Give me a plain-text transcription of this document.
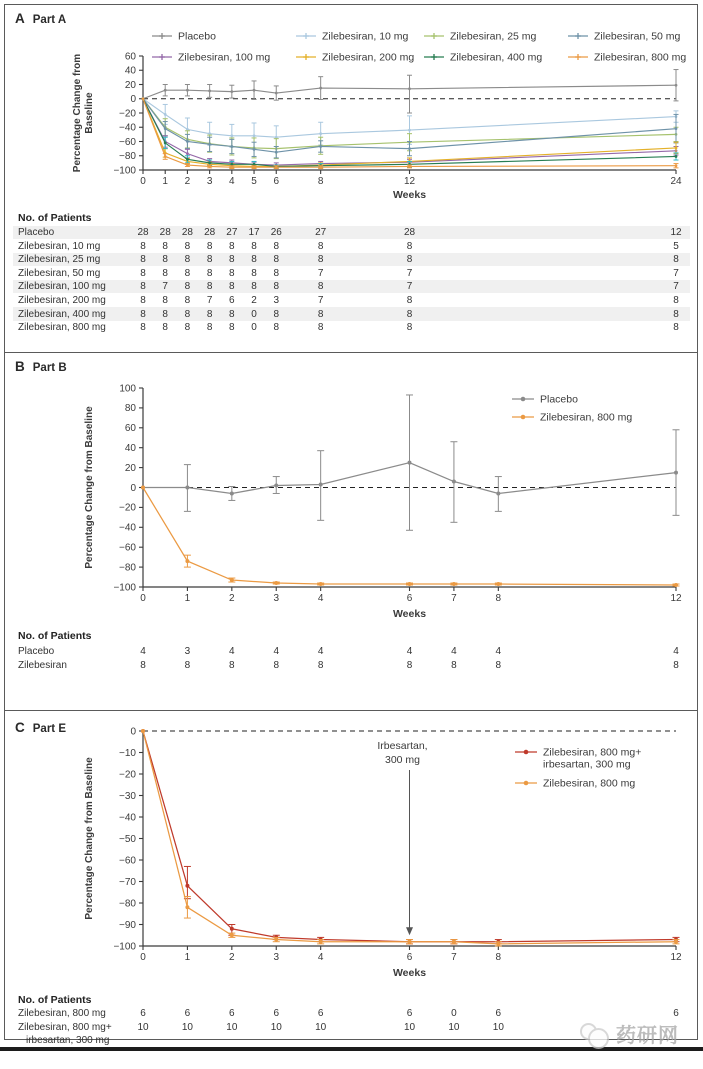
A Part A
B Part B
C Part E
60
40
20
0
−20
−40
−60
−80
−100
0 1 2 3 4 5 6	8	12	24
Weeks
Percentage Change from Baseline
Placebo	Zilebesiran, 10 mg	Zilebesiran, 25 mg	Zilebesiran, 50 mg
Zilebesiran, 100 mg	Zilebesiran, 200 mg	Zilebesiran, 400 mg	Zilebesiran, 800 mg
100
80
60
40
20
0
−20
−40
−60
−80
−100
0	1	2	3	4	6	7	8	12
Weeks
Percentage Change from Baseline
Placebo
Zilebesiran, 800 mg
0
−10
−20
−30
−40
−50
−60
−70
−80
−90
−100
0	1	2	3	4	6	7	8	12
Weeks
Percentage Change from Baseline
Irbesartan,
300 mg
Zilebesiran, 800 mg+
irbesartan, 300 mg
Zilebesiran, 800 mg
No. of Patients
Placebo	28	28	28	28	27	17	26	27	28	12
Zilebesiran, 10 mg	8	8	8	8	8	8	8	8	8	5
Zilebesiran, 25 mg	8	8	8	8	8	8	8	8	8	8
Zilebesiran, 50 mg	8	8	8	8	8	8	8	7	7	7
Zilebesiran, 100 mg	8	7	8	8	8	8	8	8	7	7
Zilebesiran, 200 mg	8	8	8	7	6	2	3	7	8	8
Zilebesiran, 400 mg	8	8	8	8	8	0	8	8	8	8
Zilebesiran, 800 mg	8	8	8	8	8	0	8	8	8	8
No. of Patients
Placebo	4	3	4	4	4	4	4	4	4
Zilebesiran	8	8	8	8	8	8	8	8	8
No. of Patients
Zilebesiran, 800 mg	6	6	6	6	6	6	0	6	6
Zilebesiran, 800 mg+
irbesartan, 300 mg
10	10	10	10	10	10	10	10	药研网
